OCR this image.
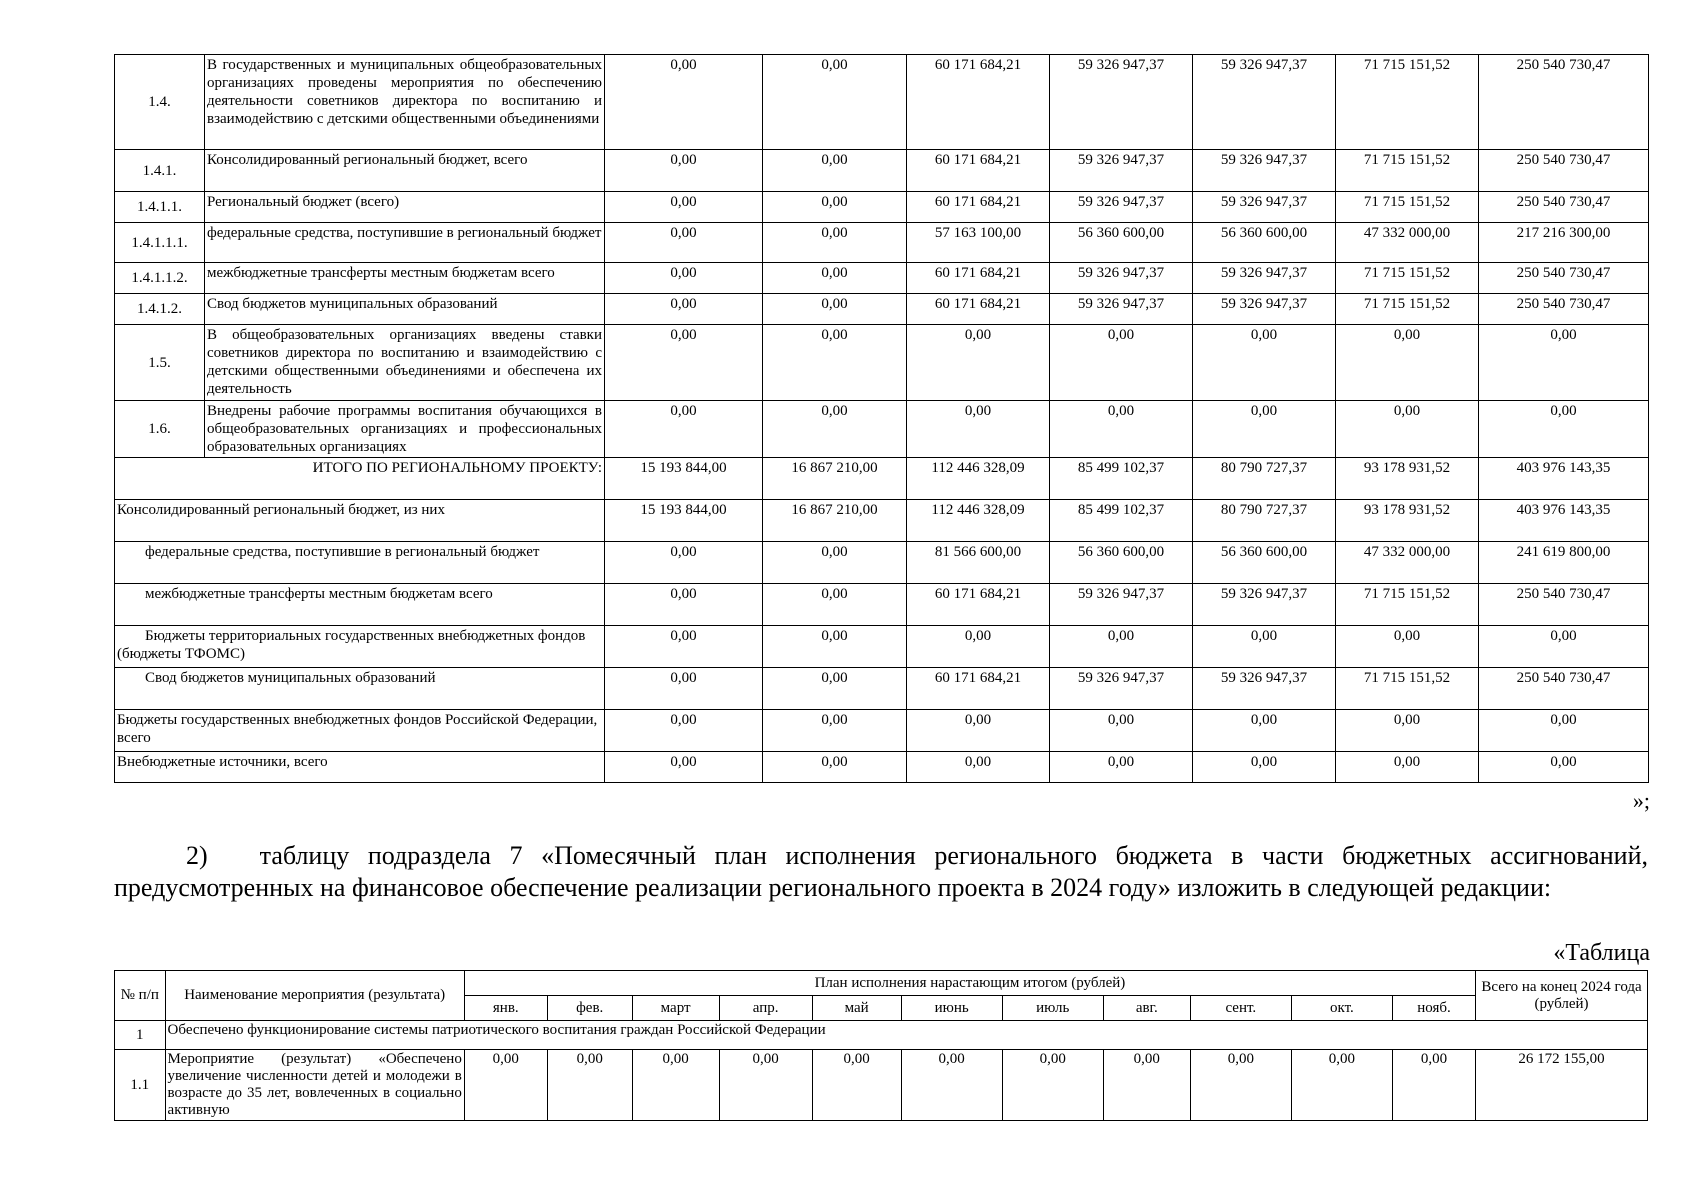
1.4.	В государственных и муниципальных общеобразовательных организациях проведены мероприятия по обеспечению деятельности советников директора по воспитанию и взаимодействию с детскими общественными объединениями	0,00	0,00	60 171 684,21	59 326 947,37	59 326 947,37	71 715 151,52	250 540 730,47
1.4.1.	Консолидированный региональный бюджет, всего	0,00	0,00	60 171 684,21	59 326 947,37	59 326 947,37	71 715 151,52	250 540 730,47
1.4.1.1.	Региональный бюджет (всего)	0,00	0,00	60 171 684,21	59 326 947,37	59 326 947,37	71 715 151,52	250 540 730,47
1.4.1.1.1.	федеральные средства, поступившие в региональный бюджет	0,00	0,00	57 163 100,00	56 360 600,00	56 360 600,00	47 332 000,00	217 216 300,00
1.4.1.1.2.	межбюджетные трансферты местным бюджетам всего	0,00	0,00	60 171 684,21	59 326 947,37	59 326 947,37	71 715 151,52	250 540 730,47
1.4.1.2.	Свод бюджетов муниципальных образований	0,00	0,00	60 171 684,21	59 326 947,37	59 326 947,37	71 715 151,52	250 540 730,47
1.5.	В общеобразовательных организациях введены ставки советников директора по воспитанию и взаимодействию с детскими общественными объединениями и обеспечена их деятельность	0,00	0,00	0,00	0,00	0,00	0,00	0,00
1.6.	Внедрены рабочие программы воспитания обучающихся в общеобразовательных организациях и профессиональных образовательных организациях	0,00	0,00	0,00	0,00	0,00	0,00	0,00
ИТОГО ПО РЕГИОНАЛЬНОМУ ПРОЕКТУ:		15 193 844,00	16 867 210,00	112 446 328,09	85 499 102,37	80 790 727,37	93 178 931,52	403 976 143,35
Консолидированный региональный бюджет, из них		15 193 844,00	16 867 210,00	112 446 328,09	85 499 102,37	80 790 727,37	93 178 931,52	403 976 143,35
федеральные средства, поступившие в региональный бюджет		0,00	0,00	81 566 600,00	56 360 600,00	56 360 600,00	47 332 000,00	241 619 800,00
межбюджетные трансферты местным бюджетам всего		0,00	0,00	60 171 684,21	59 326 947,37	59 326 947,37	71 715 151,52	250 540 730,47
Бюджеты территориальных государственных внебюджетных фондов (бюджеты ТФОМС)		0,00	0,00	0,00	0,00	0,00	0,00	0,00
Свод бюджетов муниципальных образований		0,00	0,00	60 171 684,21	59 326 947,37	59 326 947,37	71 715 151,52	250 540 730,47
Бюджеты государственных внебюджетных фондов Российской Федерации, всего		0,00	0,00	0,00	0,00	0,00	0,00	0,00
Внебюджетные источники, всего		0,00	0,00	0,00	0,00	0,00	0,00	0,00
»;
2)  таблицу подраздела 7 «Помесячный план исполнения регионального бюджета в части бюджетных ассигнований, предусмотренных на финансовое обеспечение реализации регионального проекта в 2024 году» изложить в следующей редакции:
«Таблица
№ п/п	Наименование мероприятия (результата)	План исполнения нарастающим итогом (рублей)											Всего на конец 2024 года (рублей)
		янв.	фев.	март	апр.	май	июнь	июль	авг.	сент.	окт.	нояб.	
1	Обеспечено функционирование системы патриотического воспитания граждан Российской Федерации												
1.1	Мероприятие (результат) «Обеспечено увеличение численности детей и молодежи в возрасте до 35 лет, вовлеченных в социально активную	0,00	0,00	0,00	0,00	0,00	0,00	0,00	0,00	0,00	0,00	0,00	26 172 155,00
